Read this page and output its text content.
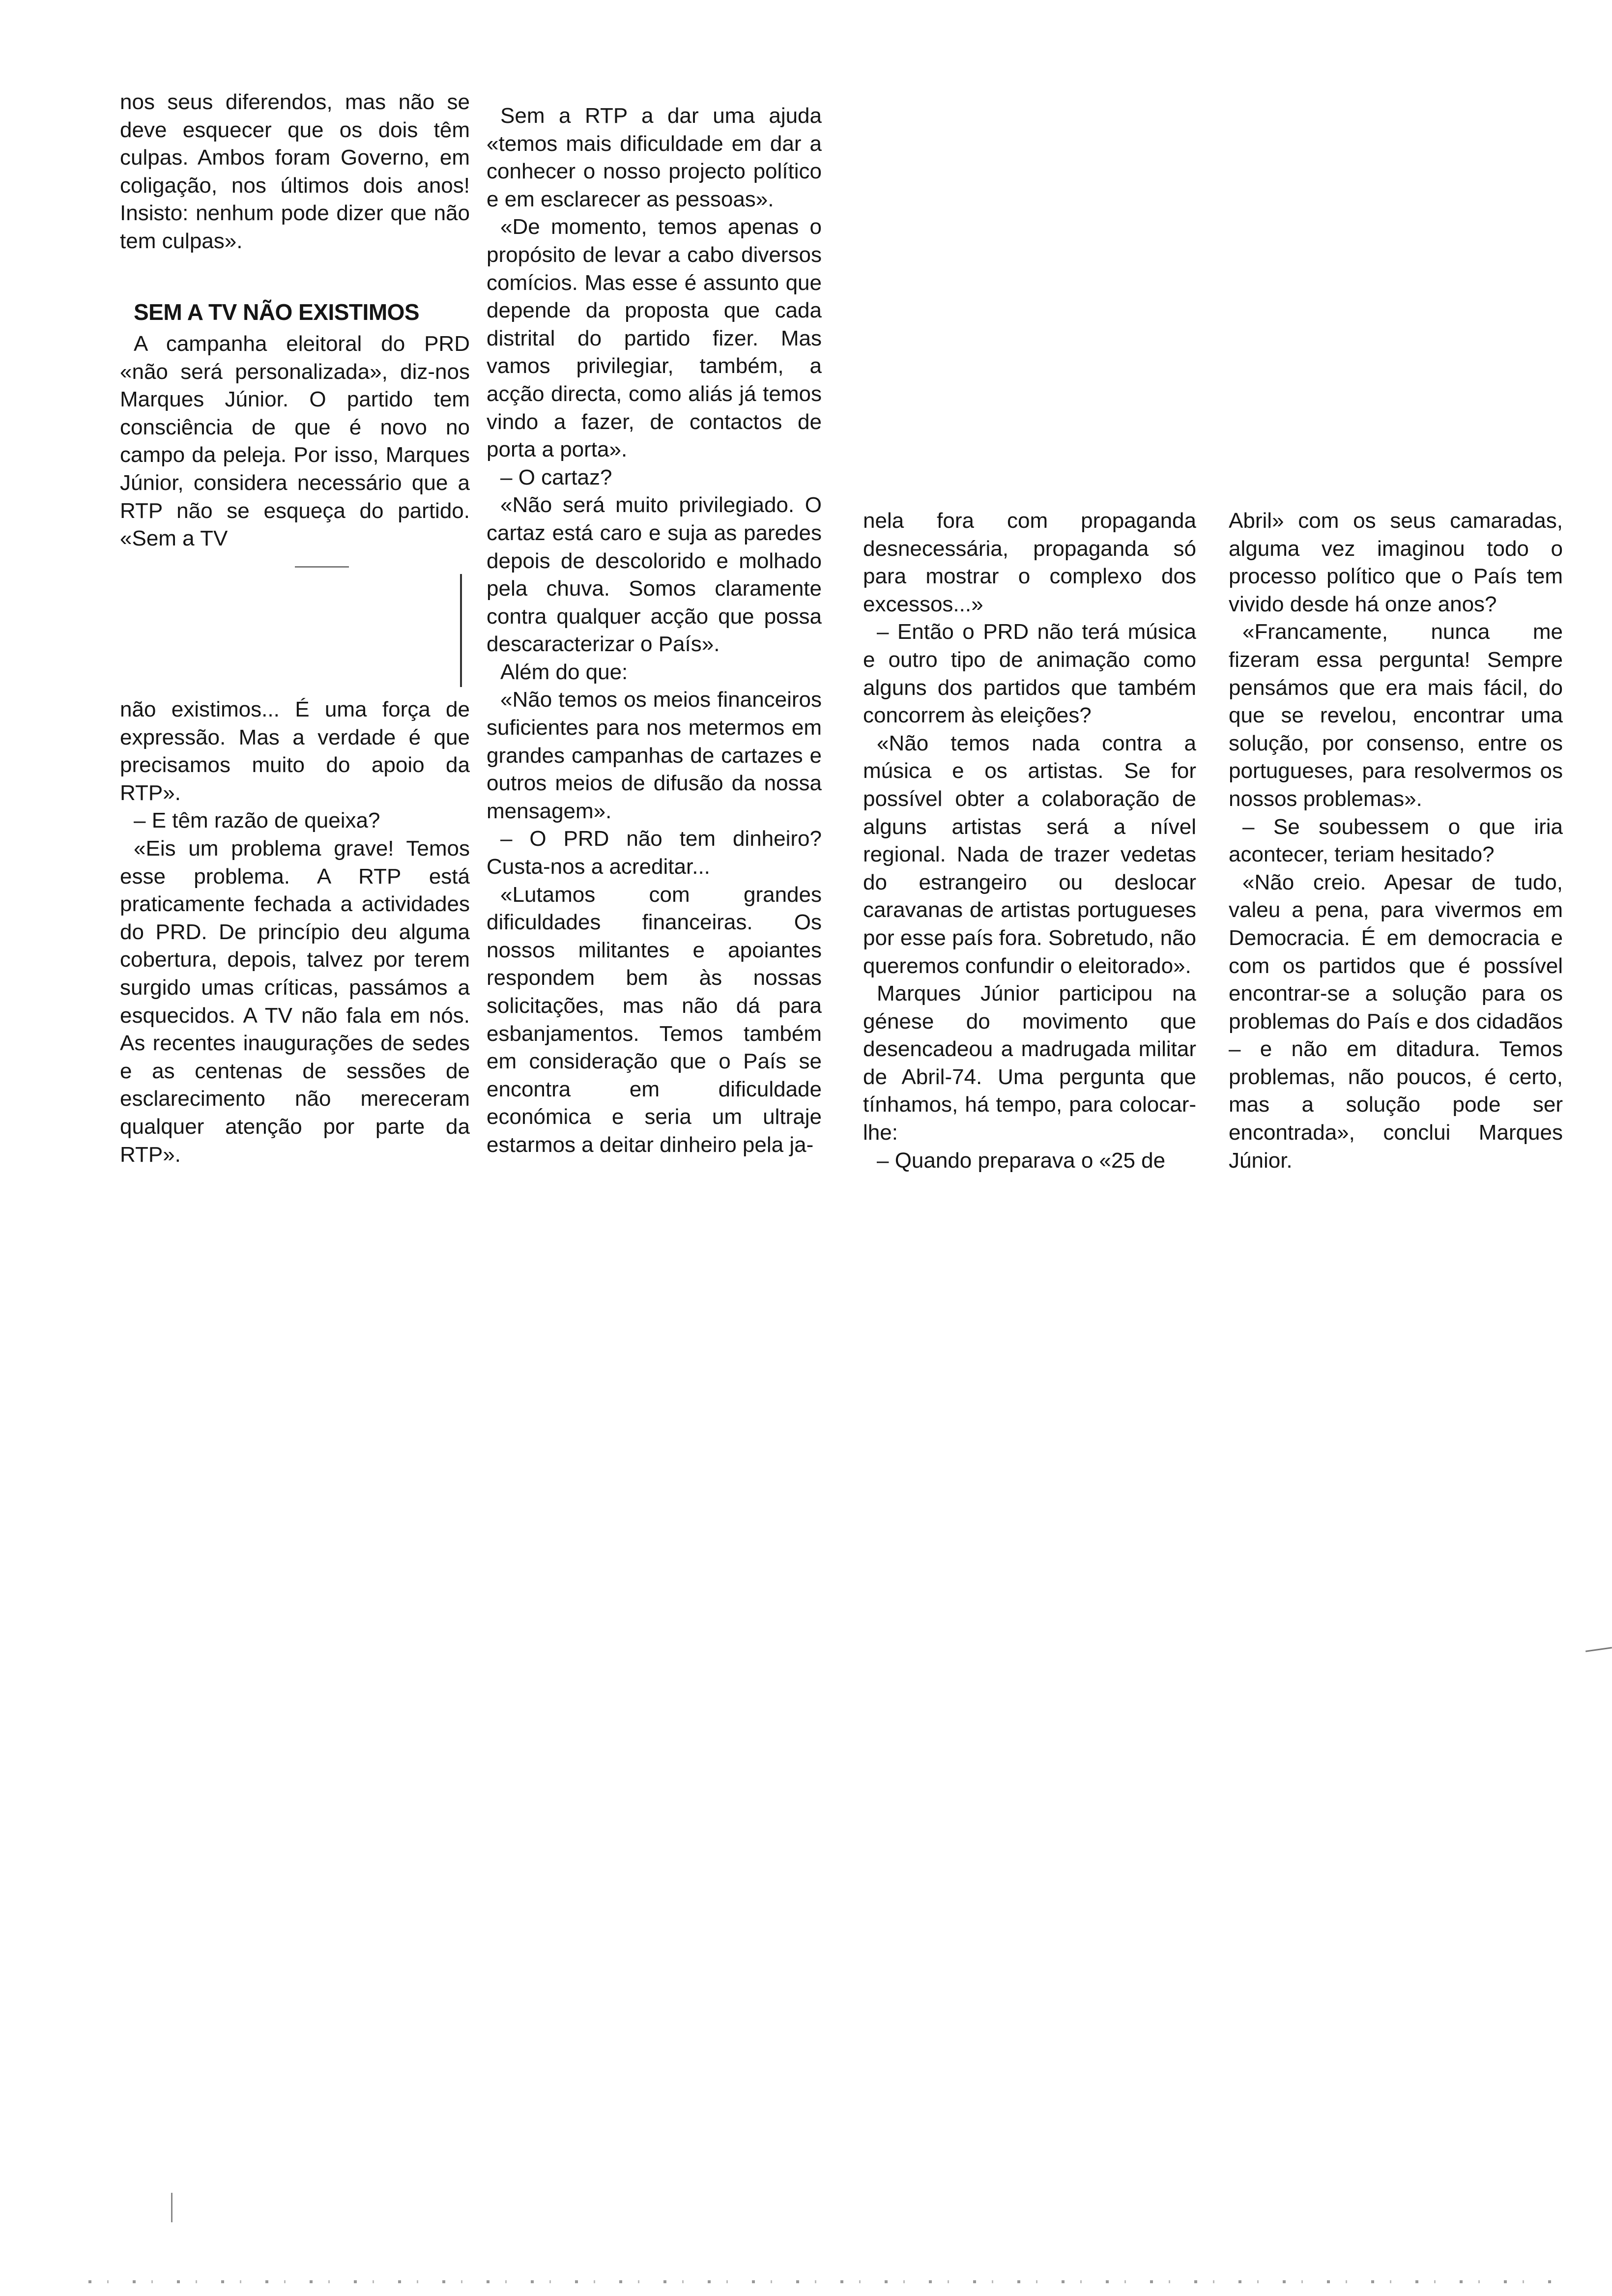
nos seus diferendos, mas não se deve esquecer que os dois têm culpas. Ambos foram Governo, em coligação, nos últimos dois anos! Insisto: nenhum pode dizer que não tem culpas».

SEM A TV NÃO EXISTIMOS

A campanha eleitoral do PRD «não será personalizada», diz-nos Marques Júnior. O partido tem consciência de que é novo no campo da peleja. Por isso, Marques Júnior, considera necessário que a RTP não se esqueça do partido. «Sem a TV

não existimos... É uma força de expressão. Mas a verdade é que precisamos muito do apoio da RTP».

– E têm razão de queixa?

«Eis um problema grave! Temos esse problema. A RTP está praticamente fechada a actividades do PRD. De princípio deu alguma cobertura, depois, talvez por terem surgido umas críticas, passámos a esquecidos. A TV não fala em nós. As recentes inaugurações de sedes e as centenas de sessões de esclarecimento não mereceram qualquer atenção por parte da RTP».

Sem a RTP a dar uma ajuda «temos mais dificuldade em dar a conhecer o nosso projecto político e em esclarecer as pessoas».

«De momento, temos apenas o propósito de levar a cabo diversos comícios. Mas esse é assunto que depende da proposta que cada distrital do partido fizer. Mas vamos privilegiar, também, a acção directa, como aliás já temos vindo a fazer, de contactos de porta a porta».

– O cartaz?

«Não será muito privilegiado. O cartaz está caro e suja as paredes depois de descolorido e molhado pela chuva. Somos claramente contra qualquer acção que possa descaracterizar o País».

Além do que:

«Não temos os meios financeiros suficientes para nos metermos em grandes campanhas de cartazes e outros meios de difusão da nossa mensagem».

– O PRD não tem dinheiro? Custa-nos a acreditar...

«Lutamos com grandes dificuldades financeiras. Os nossos militantes e apoiantes respondem bem às nossas solicitações, mas não dá para esbanjamentos. Temos também em consideração que o País se encontra em dificuldade económica e seria um ultraje estarmos a deitar dinheiro pela ja-

nela fora com propaganda desnecessária, propaganda só para mostrar o complexo dos excessos...»

– Então o PRD não terá música e outro tipo de animação como alguns dos partidos que também concorrem às eleições?

«Não temos nada contra a música e os artistas. Se for possível obter a colaboração de alguns artistas será a nível regional. Nada de trazer vedetas do estrangeiro ou deslocar caravanas de artistas portugueses por esse país fora. Sobretudo, não queremos confundir o eleitorado».

Marques Júnior participou na génese do movimento que desencadeou a madrugada militar de Abril-74. Uma pergunta que tínhamos, há tempo, para colocar-lhe:

– Quando preparava o «25 de

Abril» com os seus camaradas, alguma vez imaginou todo o processo político que o País tem vivido desde há onze anos?

«Francamente, nunca me fizeram essa pergunta! Sempre pensámos que era mais fácil, do que se revelou, encontrar uma solução, por consenso, entre os portugueses, para resolvermos os nossos problemas».

– Se soubessem o que iria acontecer, teriam hesitado?

«Não creio. Apesar de tudo, valeu a pena, para vivermos em Democracia. É em democracia e com os partidos que é possível encontrar-se a solução para os problemas do País e dos cidadãos – e não em ditadura. Temos problemas, não poucos, é certo, mas a solução pode ser encontrada», conclui Marques Júnior.
